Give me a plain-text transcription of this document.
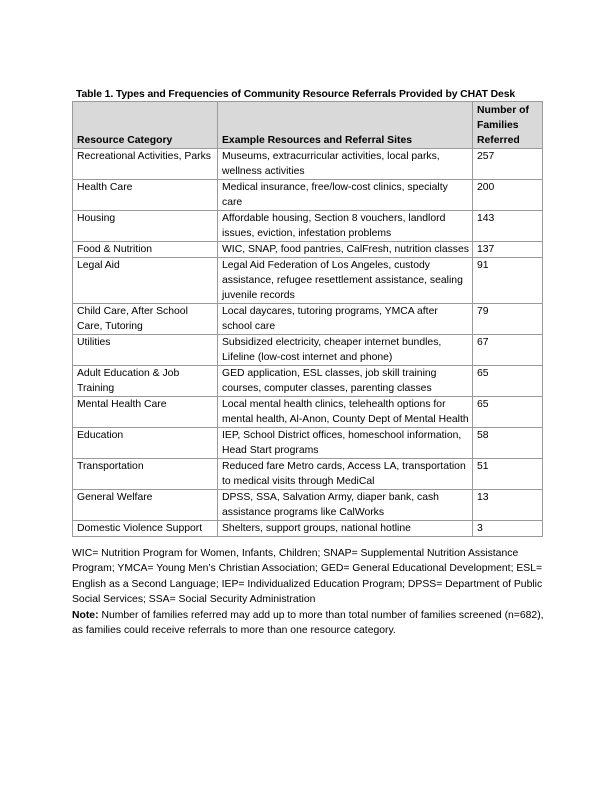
Table 1. Types and Frequencies of Community Resource Referrals Provided by CHAT Desk
Resource Category	Example Resources and Referral Sites	Number of Families Referred
Recreational Activities, Parks	Museums, extracurricular activities, local parks, wellness activities	257
Health Care	Medical insurance, free/low-cost clinics, specialty care	200
Housing	Affordable housing, Section 8 vouchers, landlord issues, eviction, infestation problems	143
Food & Nutrition	WIC, SNAP, food pantries, CalFresh, nutrition classes	137
Legal Aid	Legal Aid Federation of Los Angeles, custody assistance, refugee resettlement assistance, sealing juvenile records	91
Child Care, After School Care, Tutoring	Local daycares, tutoring programs, YMCA after school care	79
Utilities	Subsidized electricity, cheaper internet bundles, Lifeline (low-cost internet and phone)	67
Adult Education & Job Training	GED application, ESL classes, job skill training courses, computer classes, parenting classes	65
Mental Health Care	Local mental health clinics, telehealth options for mental health, Al-Anon, County Dept of Mental Health	65
Education	IEP, School District offices, homeschool information, Head Start programs	58
Transportation	Reduced fare Metro cards, Access LA, transportation to medical visits through MediCal	51
General Welfare	DPSS, SSA, Salvation Army, diaper bank, cash assistance programs like CalWorks	13
Domestic Violence Support	Shelters, support groups, national hotline	3

WIC= Nutrition Program for Women, Infants, Children; SNAP= Supplemental Nutrition Assistance Program; YMCA= Young Men’s Christian Association; GED= General Educational Development; ESL= English as a Second Language; IEP= Individualized Education Program; DPSS= Department of Public Social Services; SSA= Social Security Administration

Note: Number of families referred may add up to more than total number of families screened (n=682), as families could receive referrals to more than one resource category.
